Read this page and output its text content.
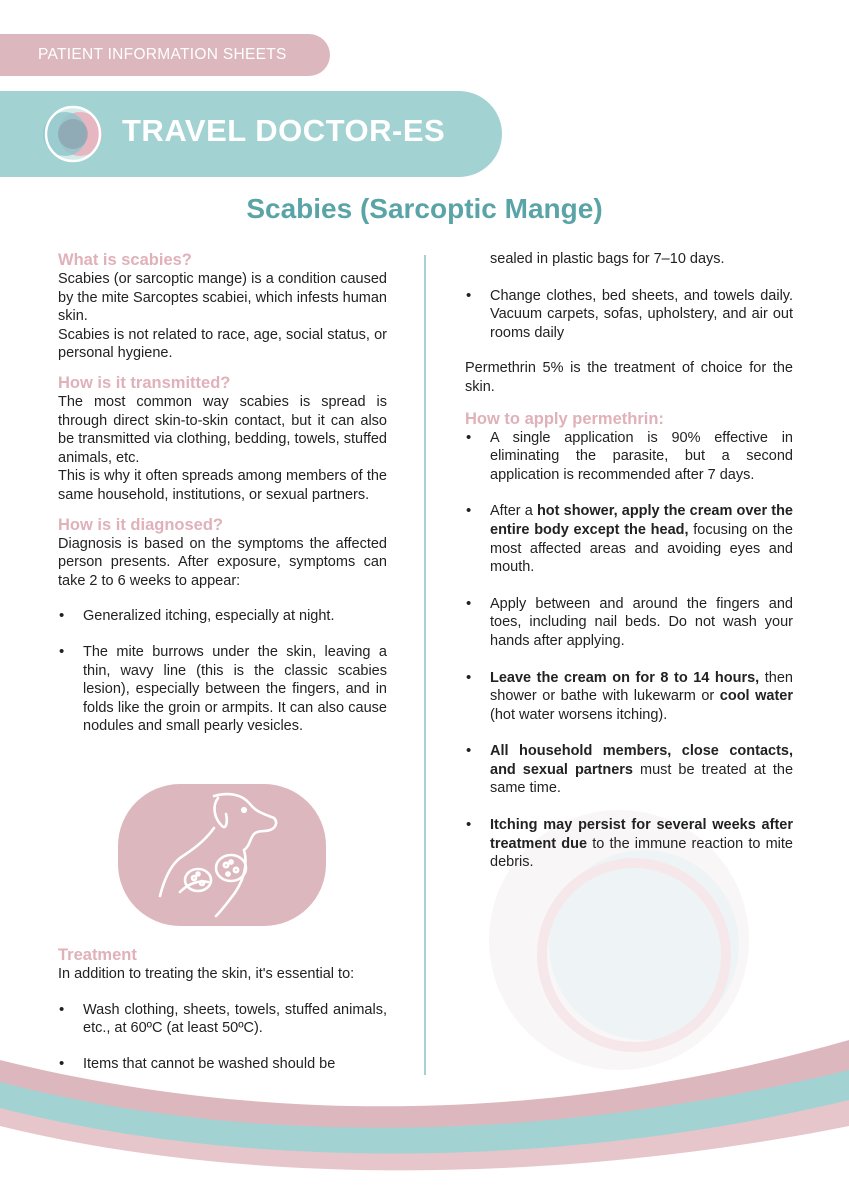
PATIENT INFORMATION SHEETS
TRAVEL DOCTOR-ES
Scabies (Sarcoptic Mange)
What is scabies?

Scabies (or sarcoptic mange) is a condition caused by the mite Sarcoptes scabiei, which infests human skin.

Scabies is not related to race, age, social status, or personal hygiene.

How is it transmitted?

The most common way scabies is spread is through direct skin-to-skin contact, but it can also be transmitted via clothing, bedding, towels, stuffed animals, etc.

This is why it often spreads among members of the same household, institutions, or sexual partners.

How is it diagnosed?

Diagnosis is based on the symptoms the affected person presents. After exposure, symptoms can take 2 to 6 weeks to appear:

• Generalized itching, especially at night.
• The mite burrows under the skin, leaving a thin, wavy line (this is the classic scabies lesion), especially between the fingers, and in folds like the groin or armpits. It can also cause nodules and small pearly vesicles.
Treatment

In addition to treating the skin, it's essential to:

• Wash clothing, sheets, towels, stuffed animals, etc., at 60ºC (at least 50ºC).
• Items that cannot be washed should be

sealed in plastic bags for 7–10 days.

• Change clothes, bed sheets, and towels daily. Vacuum carpets, sofas, upholstery, and air out rooms daily

Permethrin 5% is the treatment of choice for the skin.

How to apply permethrin:
• A single application is 90% effective in eliminating the parasite, but a second application is recommended after 7 days.
• After a hot shower, apply the cream over the entire body except the head, focusing on the most affected areas and avoiding eyes and mouth.
• Apply between and around the fingers and toes, including nail beds. Do not wash your hands after applying.
• Leave the cream on for 8 to 14 hours, then shower or bathe with lukewarm or cool water (hot water worsens itching).
• All household members, close contacts, and sexual partners must be treated at the same time.
• Itching may persist for several weeks after treatment due to the immune reaction to mite debris.
